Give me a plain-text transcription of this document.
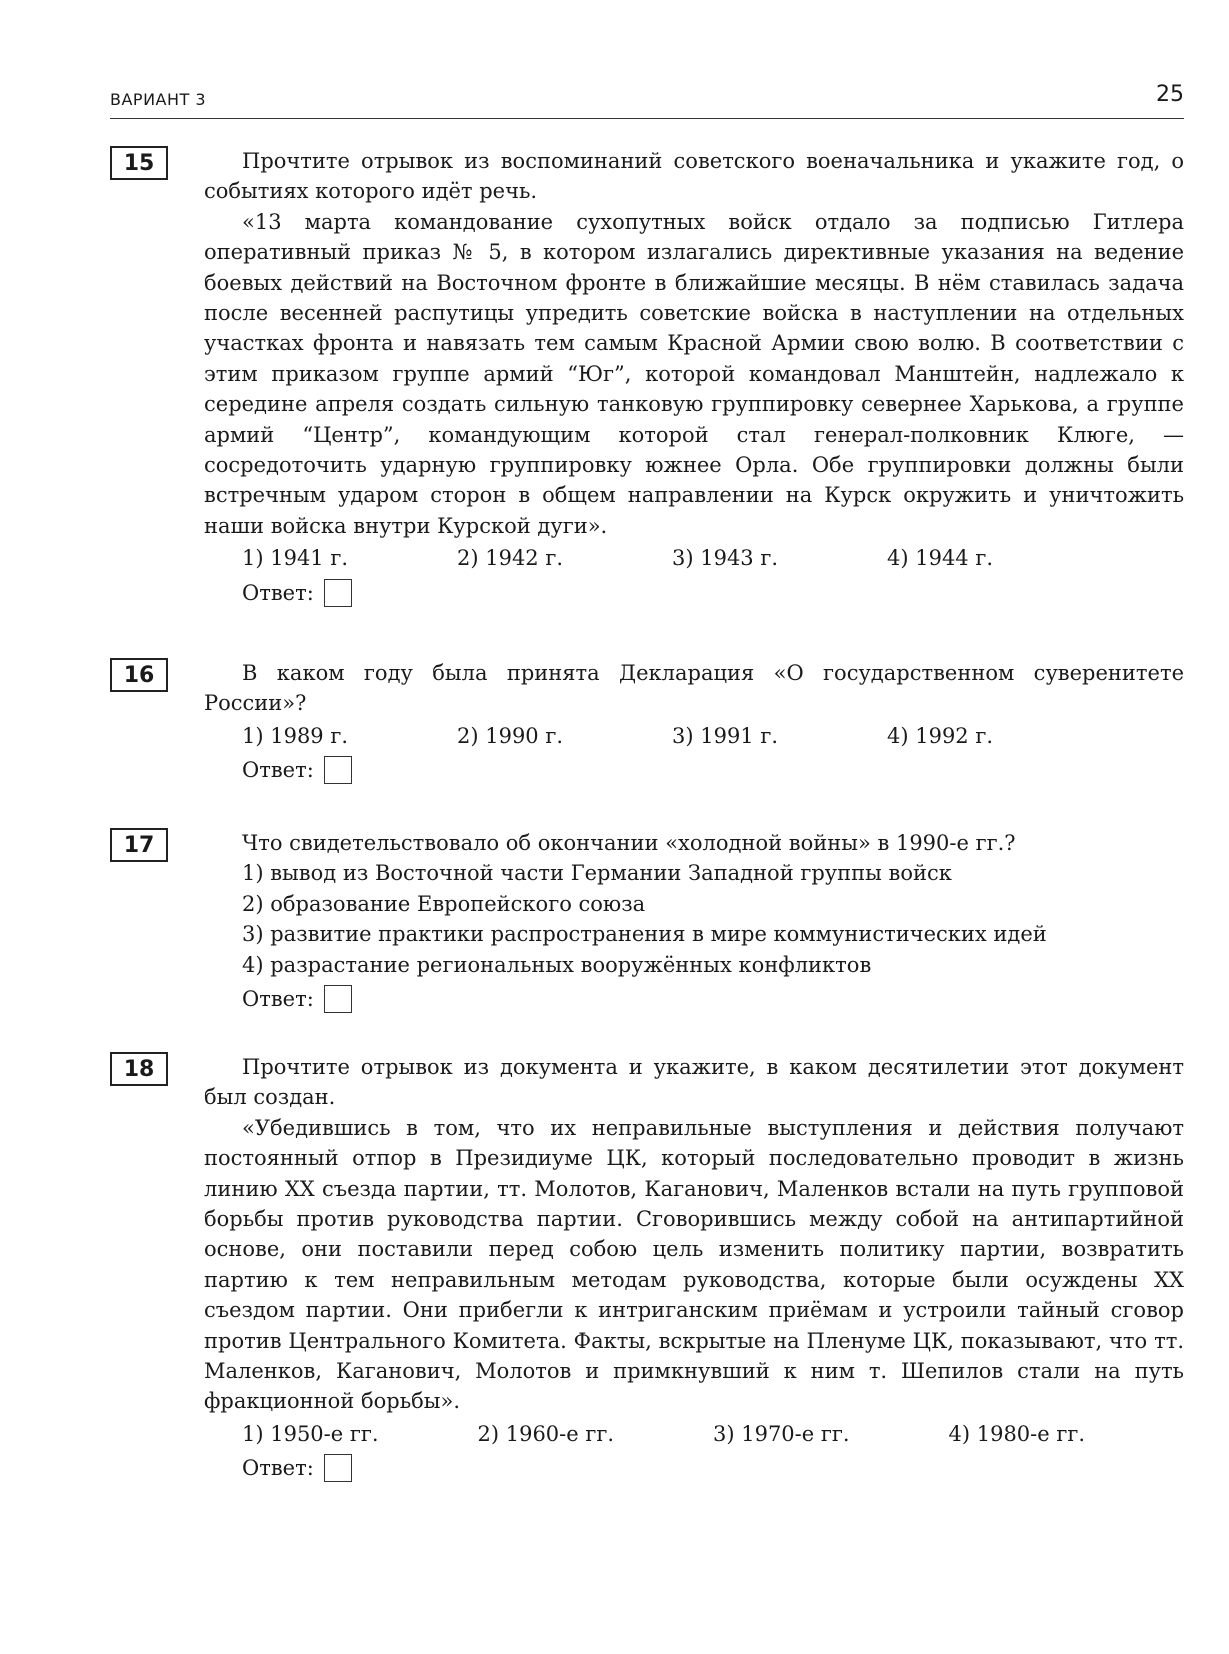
ВАРИАНТ 3	25
15	Прочтите отрывок из воспоминаний советского военачальника и укажите год, о событиях которого идёт речь.

«13 марта командование сухопутных войск отдало за подписью Гитлера оперативный приказ № 5, в котором излагались директивные указания на ведение боевых действий на Восточном фронте в ближайшие месяцы. В нём ставилась задача после весенней распутицы упредить советские войска в наступлении на отдельных участках фронта и навязать тем самым Красной Армии свою волю. В соответствии с этим приказом группе армий “Юг”, которой командовал Манштейн, надлежало к середине апреля создать сильную танковую группировку севернее Харькова, а группе армий “Центр”, командующим которой стал генерал-полковник Клюге, — сосредоточить ударную группировку южнее Орла. Обе группировки должны были встречным ударом сторон в общем направлении на Курск окружить и уничтожить наши войска внутри Курской дуги».

1) 1941 г.	2) 1942 г.	3) 1943 г.	4) 1944 г.
Ответ:
16	В каком году была принята Декларация «О государственном суверенитете России»?

1) 1989 г.	2) 1990 г.	3) 1991 г.	4) 1992 г.
Ответ:
17	Что свидетельствовало об окончании «холодной войны» в 1990-е гг.?

1) вывод из Восточной части Германии Западной группы войск
2) образование Европейского союза
3) развитие практики распространения в мире коммунистических идей
4) разрастание региональных вооружённых конфликтов
Ответ:
18	Прочтите отрывок из документа и укажите, в каком десятилетии этот документ был создан.

«Убедившись в том, что их неправильные выступления и действия получают постоянный отпор в Президиуме ЦК, который последовательно проводит в жизнь линию XX съезда партии, тт. Молотов, Каганович, Маленков встали на путь групповой борьбы против руководства партии. Сговорившись между собой на антипартийной основе, они поставили перед собою цель изменить политику партии, возвратить партию к тем неправильным методам руководства, которые были осуждены XX съездом партии. Они прибегли к интриганским приёмам и устроили тайный сговор против Центрального Комитета. Факты, вскрытые на Пленуме ЦК, показывают, что тт. Маленков, Каганович, Молотов и примкнувший к ним т. Шепилов стали на путь фракционной борьбы».

1) 1950-е гг.	2) 1960-е гг.	3) 1970-е гг.	4) 1980-е гг.
Ответ:
